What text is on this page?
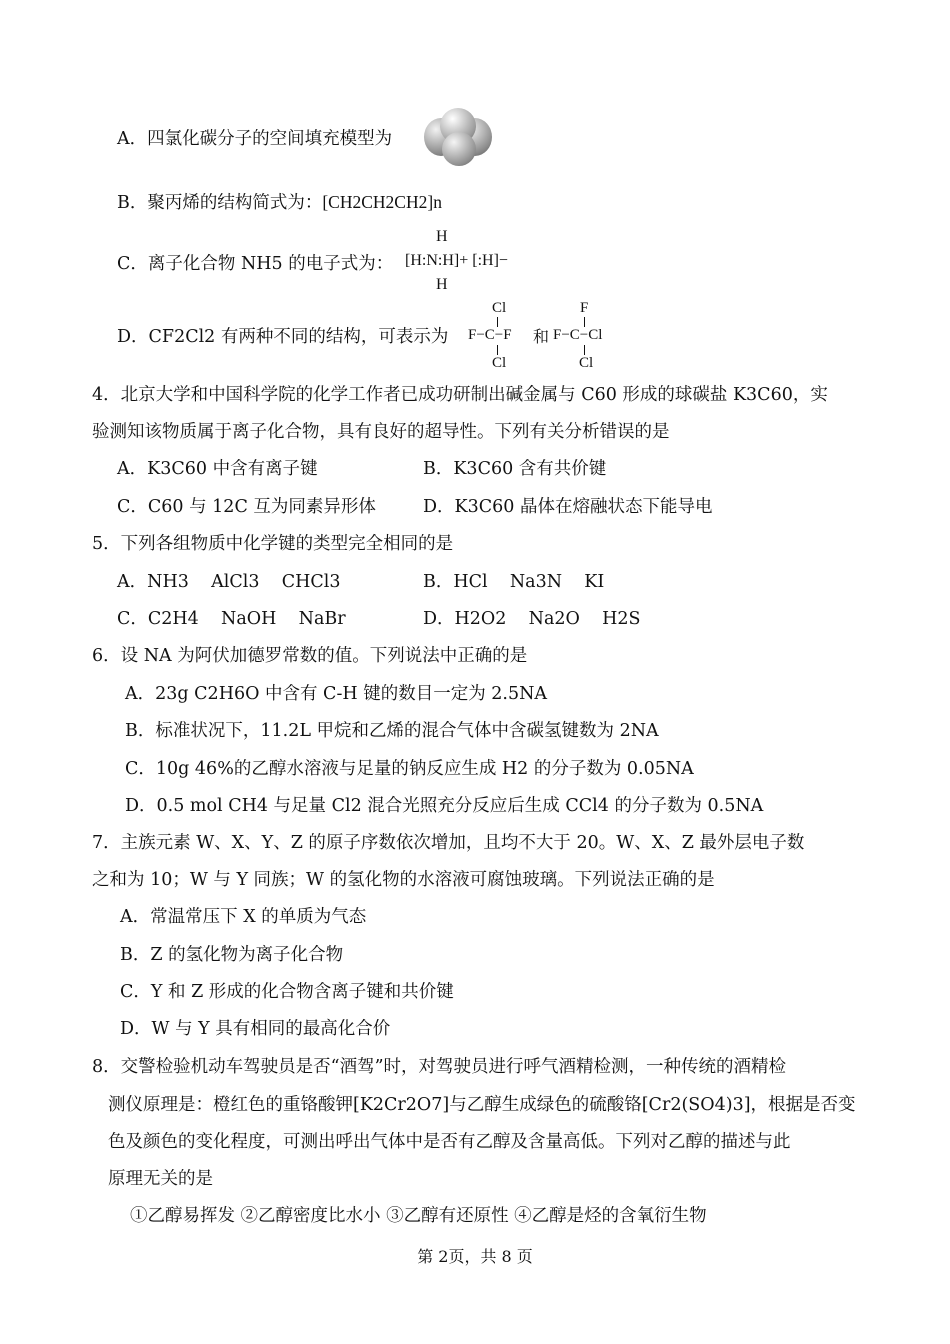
A．四氯化碳分子的空间填充模型为
B．聚丙烯的结构简式为：[CH2CH2CH2]n
C．离子化合物 NH5 的电子式为：
H
[H:N:H]+ [:H]−
H
D．CF2Cl2 有两种不同的结构，可表示为
Cl
F−C−F
Cl
和
F
F−C−Cl
Cl
4．北京大学和中国科学院的化学工作者已成功研制出碱金属与 C60 形成的球碳盐 K3C60，实
验测知该物质属于离子化合物，具有良好的超导性。下列有关分析错误的是
A．K3C60 中含有离子键	B．K3C60 含有共价键
C．C60 与 12C 互为同素异形体	D．K3C60 晶体在熔融状态下能导电
5．下列各组物质中化学键的类型完全相同的是
A．NH3    AlCl3    CHCl3	B．HCl    Na3N    KI
C．C2H4    NaOH    NaBr	D．H2O2    Na2O    H2S
6．设 NA 为阿伏加德罗常数的值。下列说法中正确的是
A．23g C2H6O 中含有 C-H 键的数目一定为 2.5NA
B．标准状况下，11.2L 甲烷和乙烯的混合气体中含碳氢键数为 2NA
C．10g 46%的乙醇水溶液与足量的钠反应生成 H2 的分子数为 0.05NA
D．0.5 mol CH4 与足量 Cl2 混合光照充分反应后生成 CCl4 的分子数为 0.5NA
7．主族元素 W、X、Y、Z 的原子序数依次增加，且均不大于 20。W、X、Z 最外层电子数
之和为 10；W 与 Y 同族；W 的氢化物的水溶液可腐蚀玻璃。下列说法正确的是
A．常温常压下 X 的单质为气态
B．Z 的氢化物为离子化合物
C．Y 和 Z 形成的化合物含离子键和共价键
D．W 与 Y 具有相同的最高化合价
8．交警检验机动车驾驶员是否“酒驾”时，对驾驶员进行呼气酒精检测，一种传统的酒精检
测仪原理是：橙红色的重铬酸钾[K2Cr2O7]与乙醇生成绿色的硫酸铬[Cr2(SO4)3]，根据是否变
色及颜色的变化程度，可测出呼出气体中是否有乙醇及含量高低。下列对乙醇的描述与此
原理无关的是
①乙醇易挥发 ②乙醇密度比水小 ③乙醇有还原性 ④乙醇是烃的含氧衍生物
第 2页，共 8 页
